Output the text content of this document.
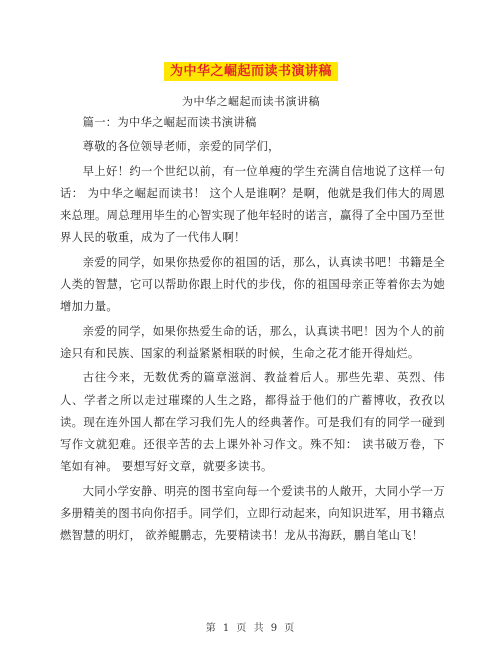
为中华之崛起而读书演讲稿
为中华之崛起而读书演讲稿

篇一：为中华之崛起而读书演讲稿

尊敬的各位领导老师，亲爱的同学们，

早上好！约一个世纪以前，有一位单瘦的学生充满自信地说了这样一句话： 为中华之崛起而读书！ 这个人是谁啊？是啊，他就是我们伟大的周恩来总理。周总理用毕生的心智实现了他年轻时的诺言，赢得了全中国乃至世界人民的敬重，成为了一代伟人啊！

亲爱的同学，如果你热爱你的祖国的话，那么，认真读书吧！书籍是全人类的智慧，它可以帮助你跟上时代的步伐，你的祖国母亲正等着你去为她增加力量。

亲爱的同学，如果你热爱生命的话，那么，认真读书吧！因为个人的前途只有和民族、国家的利益紧紧相联的时候，生命之花才能开得灿烂。

古往今来，无数优秀的篇章滋润、教益着后人。那些先辈、英烈、伟人、学者之所以走过璀璨的人生之路，都得益于他们的广蓄博收，孜孜以读。现在连外国人都在学习我们先人的经典著作。可是我们有的同学一碰到写作文就犯难。还很辛苦的去上课外补习作文。殊不知： 读书破万卷，下笔如有神。 要想写好文章，就要多读书。

大同小学安静、明亮的图书室向每一个爱读书的人敞开，大同小学一万多册精美的图书向你招手。同学们，立即行动起来，向知识进军，用书籍点燃智慧的明灯， 欲养鲲鹏志，先要精读书！龙从书海跃，鹏自笔山飞！

第 1 页 共 9 页
